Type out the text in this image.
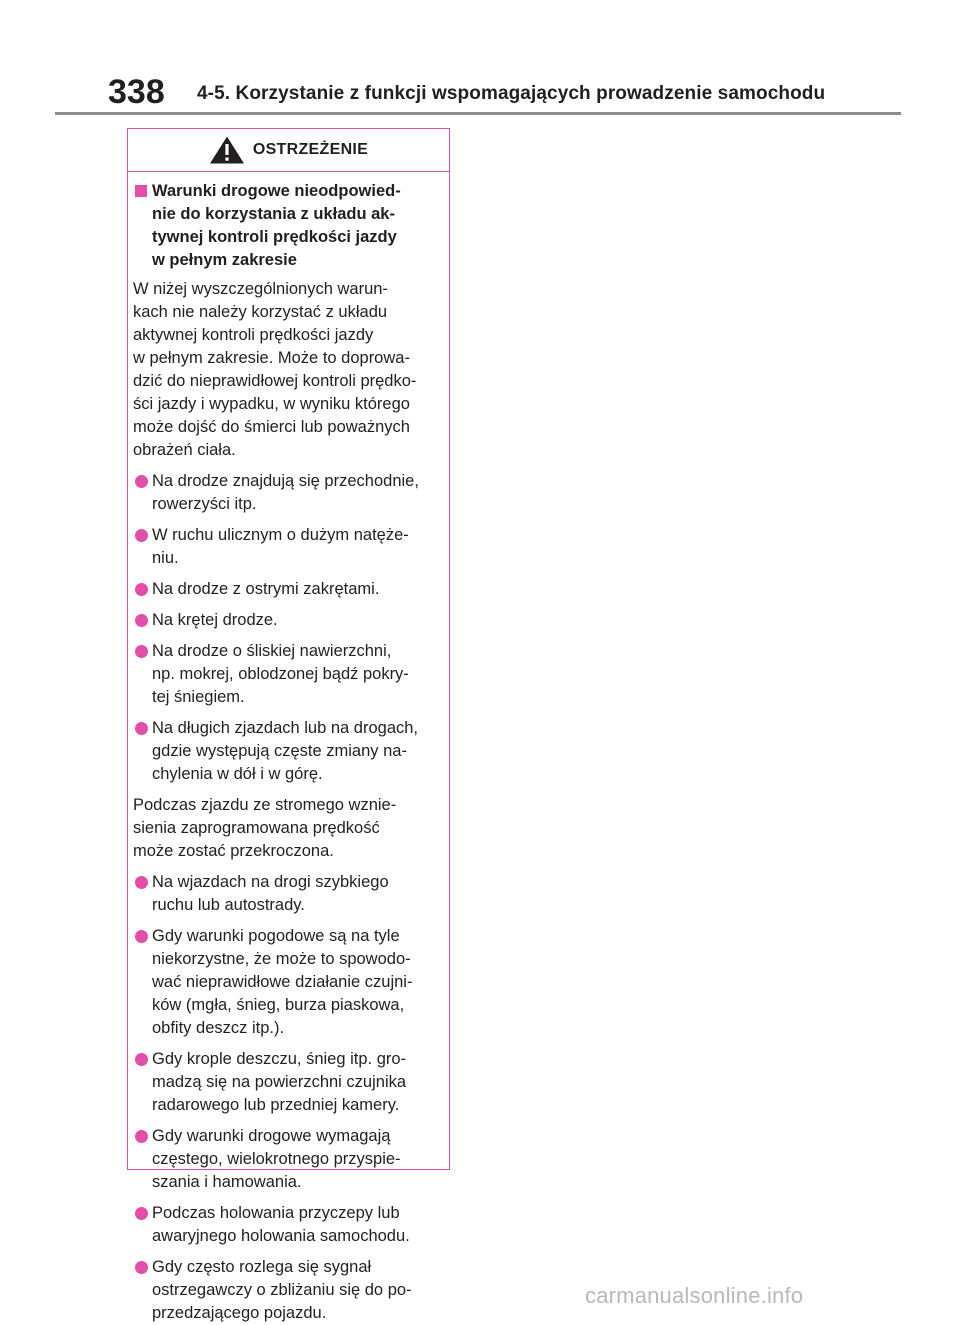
338 4-5. Korzystanie z funkcji wspomagających prowadzenie samochodu
OSTRZEŻENIE
Warunki drogowe nieodpowied-
nie do korzystania z układu ak-
tywnej kontroli prędkości jazdy
w pełnym zakresie
W niżej wyszczególnionych warun-
kach nie należy korzystać z układu
aktywnej kontroli prędkości jazdy
w pełnym zakresie. Może to doprowa-
dzić do nieprawidłowej kontroli prędko-
ści jazdy i wypadku, w wyniku którego
może dojść do śmierci lub poważnych
obrażeń ciała.
Na drodze znajdują się przechodnie,
rowerzyści itp.
W ruchu ulicznym o dużym natęże-
niu.
Na drodze z ostrymi zakrętami.
Na krętej drodze.
Na drodze o śliskiej nawierzchni,
np. mokrej, oblodzonej bądź pokry-
tej śniegiem.
Na długich zjazdach lub na drogach,
gdzie występują częste zmiany na-
chylenia w dół i w górę.
Podczas zjazdu ze stromego wznie-
sienia zaprogramowana prędkość
może zostać przekroczona.
Na wjazdach na drogi szybkiego
ruchu lub autostrady.
Gdy warunki pogodowe są na tyle
niekorzystne, że może to spowodo-
wać nieprawidłowe działanie czujni-
ków (mgła, śnieg, burza piaskowa,
obfity deszcz itp.).
Gdy krople deszczu, śnieg itp. gro-
madzą się na powierzchni czujnika
radarowego lub przedniej kamery.
Gdy warunki drogowe wymagają
częstego, wielokrotnego przyspie-
szania i hamowania.
Podczas holowania przyczepy lub
awaryjnego holowania samochodu.
Gdy często rozlega się sygnał
ostrzegawczy o zbliżaniu się do po-
przedzającego pojazdu.
carmanualsonline.info
